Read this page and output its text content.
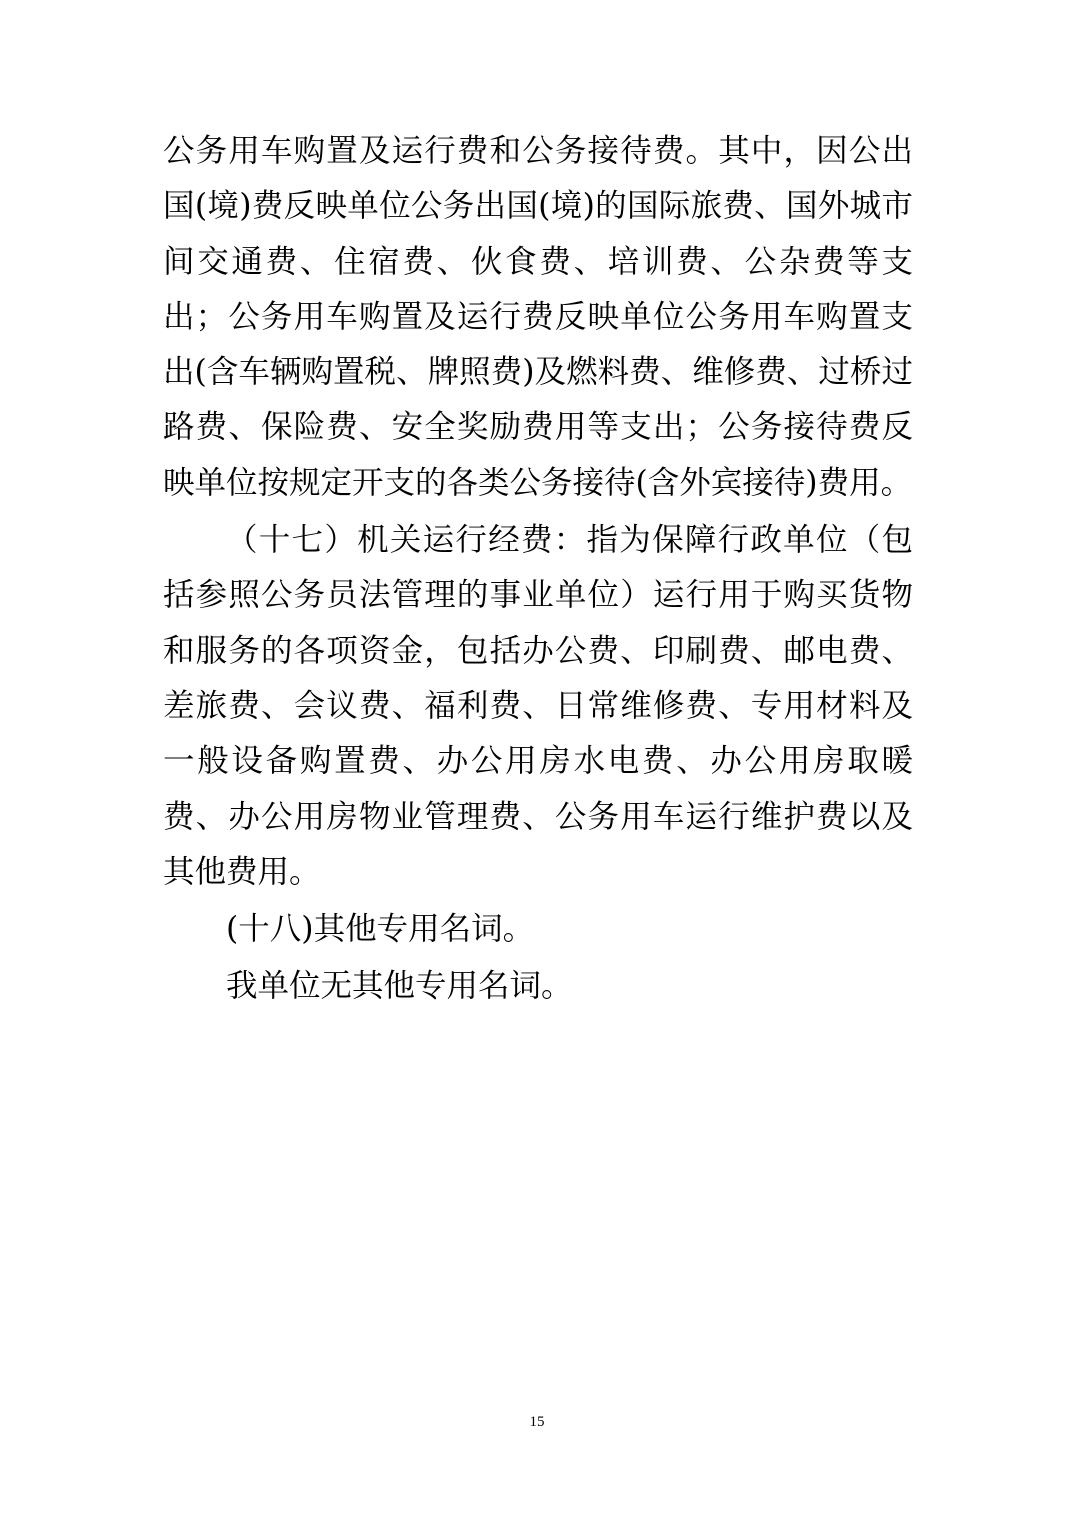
公务用车购置及运行费和公务接待费。其中，因公出国(境)费反映单位公务出国(境)的国际旅费、国外城市间交通费、住宿费、伙食费、培训费、公杂费等支出；公务用车购置及运行费反映单位公务用车购置支出(含车辆购置税、牌照费)及燃料费、维修费、过桥过路费、保险费、安全奖励费用等支出；公务接待费反映单位按规定开支的各类公务接待(含外宾接待)费用。

（十七）机关运行经费：指为保障行政单位（包括参照公务员法管理的事业单位）运行用于购买货物和服务的各项资金，包括办公费、印刷费、邮电费、差旅费、会议费、福利费、日常维修费、专用材料及一般设备购置费、办公用房水电费、办公用房取暖费、办公用房物业管理费、公务用车运行维护费以及其他费用。

(十八)其他专用名词。

我单位无其他专用名词。

15
